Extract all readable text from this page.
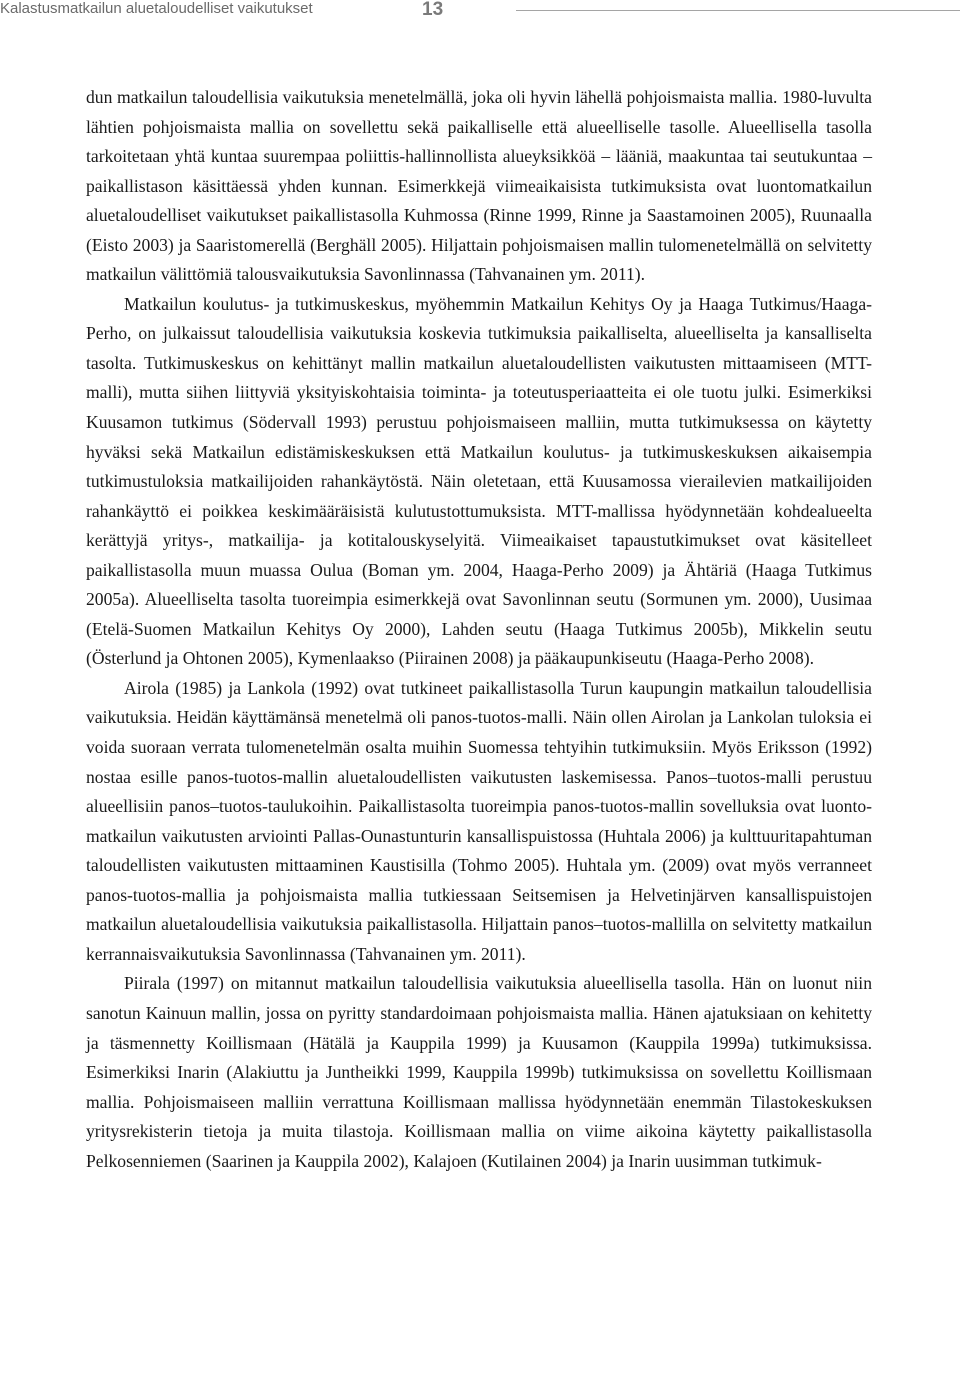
Kalastusmatkailun aluetaloudelliset vaikutukset	13

dun matkailun taloudellisia vaikutuksia menetelmällä, joka oli hyvin lähellä pohjoismaista mallia. 1980-luvulta lähtien pohjoismaista mallia on sovellettu sekä paikalliselle että alueelliselle tasolle. Alueellisella tasolla tarkoitetaan yhtä kuntaa suurempaa poliittis-hallinnollista alueyksikköä – lääniä, maakuntaa tai seutukuntaa – paikallistason käsittäessä yhden kunnan. Esimerkkejä viimeaikaisista tutkimuksista ovat luontomatkailun aluetaloudelliset vaikutukset paikallistasolla Kuhmossa (Rinne 1999, Rinne ja Saastamoinen 2005), Ruunaalla (Eisto 2003) ja Saaristomerellä (Berghäll 2005). Hiljattain pohjoismaisen mallin tulomenetelmällä on selvitetty matkailun välittömiä talousvaikutuksia Savonlinnassa (Tahvanainen ym. 2011).

Matkailun koulutus- ja tutkimuskeskus, myöhemmin Matkailun Kehitys Oy ja Haaga Tutkimus/Haaga-Perho, on julkaissut taloudellisia vaikutuksia koskevia tutkimuksia paikalliselta, alueelliselta ja kansalliselta tasolta. Tutkimuskeskus on kehittänyt mallin matkailun aluetaloudellisten vaikutusten mittaamiseen (MTT-malli), mutta siihen liittyviä yksityiskohtaisia toiminta- ja toteutusperiaatteita ei ole tuotu julki. Esimerkiksi Kuusamon tutkimus (Södervall 1993) perustuu pohjoismaiseen malliin, mutta tutkimuksessa on käytetty hyväksi sekä Matkailun edistämiskeskuksen että Matkailun koulutus- ja tutkimuskeskuksen aikaisempia tutkimustuloksia matkailijoiden rahankäytöstä. Näin oletetaan, että Kuusamossa vierailevien matkailijoiden rahankäyttö ei poikkea keskimääräisistä kulutustottumuksista. MTT-mallissa hyödynnetään kohdealueelta kerättyjä yritys-, matkailija- ja kotitalouskyselyitä. Viimeaikaiset tapaustutkimukset ovat käsitelleet paikallistasolla muun muassa Oulua (Boman ym. 2004, Haaga-Perho 2009) ja Ähtäriä (Haaga Tutkimus 2005a). Alueelliselta tasolta tuoreimpia esimerkkejä ovat Savonlinnan seutu (Sormunen ym. 2000), Uusimaa (Etelä-Suomen Matkailun Kehitys Oy 2000), Lahden seutu (Haaga Tutkimus 2005b), Mikkelin seutu (Österlund ja Ohtonen 2005), Kymenlaakso (Piirainen 2008) ja pääkaupunkiseutu (Haaga-Perho 2008).

Airola (1985) ja Lankola (1992) ovat tutkineet paikallistasolla Turun kaupungin matkailun taloudellisia vaikutuksia. Heidän käyttämänsä menetelmä oli panos-tuotos-malli. Näin ollen Airolan ja Lankolan tuloksia ei voida suoraan verrata tulomenetelmän osalta muihin Suomessa tehtyihin tutkimuksiin. Myös Eriksson (1992) nostaa esille panos-tuotos-mallin aluetaloudellisten vaikutusten laskemisessa. Panos–tuotos-malli perustuu alueellisiin panos–tuotos-taulukoihin. Paikallistasolta tuoreimpia panos-tuotos-mallin sovelluksia ovat luontomatkailun vaikutusten arviointi Pallas-Ounastunturin kansallispuistossa (Huhtala 2006) ja kulttuuritapahtuman taloudellisten vaikutusten mittaaminen Kaustisilla (Tohmo 2005). Huhtala ym. (2009) ovat myös verranneet panos-tuotos-mallia ja pohjoismaista mallia tutkiessaan Seitsemisen ja Helvetinjärven kansallispuistojen matkailun aluetaloudellisia vaikutuksia paikallistasolla. Hiljattain panos–tuotos-mallilla on selvitetty matkailun kerrannaisvaikutuksia Savonlinnassa (Tahvanainen ym. 2011).

Piirala (1997) on mitannut matkailun taloudellisia vaikutuksia alueellisella tasolla. Hän on luonut niin sanotun Kainuun mallin, jossa on pyritty standardoimaan pohjoismaista mallia. Hänen ajatuksiaan on kehitetty ja täsmennetty Koillismaan (Hätälä ja Kauppila 1999) ja Kuusamon (Kauppila 1999a) tutkimuksissa. Esimerkiksi Inarin (Alakiuttu ja Juntheikki 1999, Kauppila 1999b) tutkimuksissa on sovellettu Koillismaan mallia. Pohjoismaiseen malliin verrattuna Koillismaan mallissa hyödynnetään enemmän Tilastokeskuksen yritysrekisterin tietoja ja muita tilastoja. Koillismaan mallia on viime aikoina käytetty paikallistasolla Pelkosenniemen (Saarinen ja Kauppila 2002), Kalajoen (Kutilainen 2004) ja Inarin uusimman tutkimuk-
